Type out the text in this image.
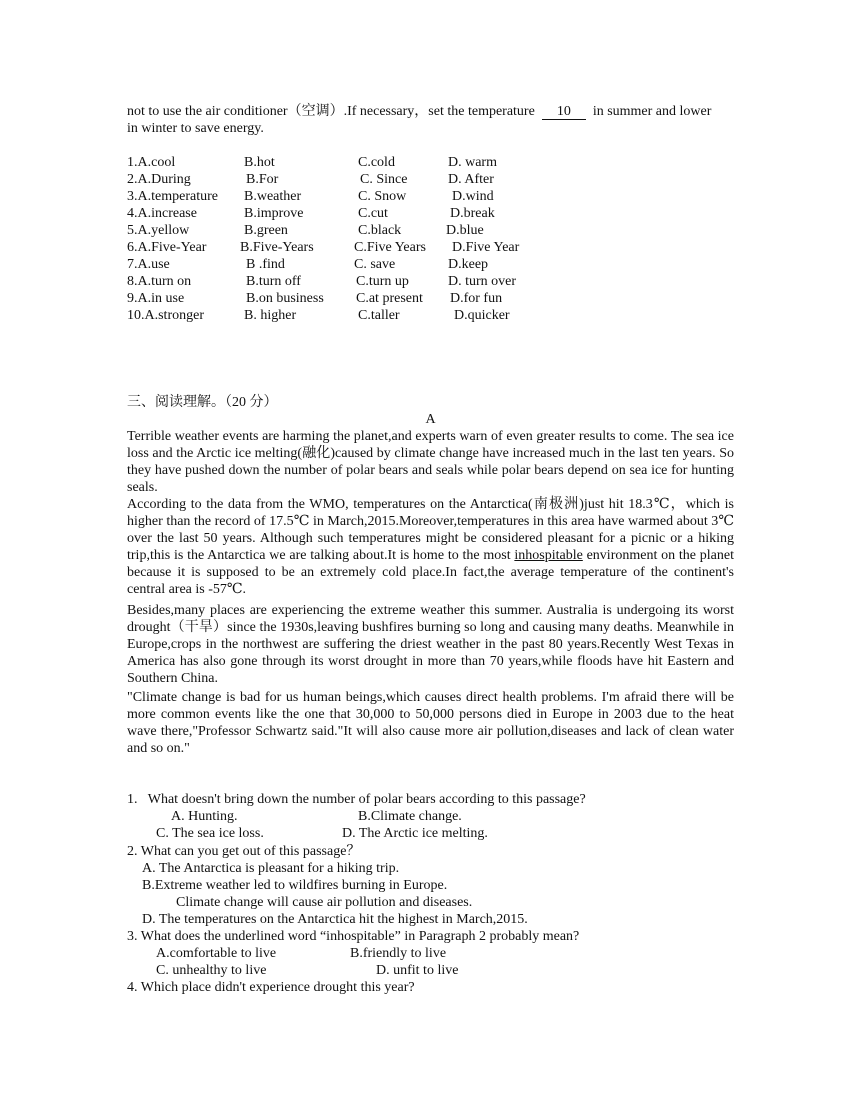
not to use the air conditioner（空调）.If necessary，set the temperature 10 in summer and lower
in winter to save energy.
1.A.cool	B.hot	C.cold	D. warm
2.A.During	B.For	C. Since	D. After
3.A.temperature B.weather	C. Snow	D.wind
4.A.increase	B.improve	C.cut	D.break
5.A.yellow	B.green	C.black	D.blue
6.A.Five-Year B.Five-Years	C.Five Years D.Five Year
7.A.use	B .find	C. save	D.keep
8.A.turn on	B.turn off	C.turn up	D. turn over
9.A.in use	B.on business C.at present D.for fun
10.A.stronger	B. higher	C.taller	D.quicker
三、阅读理解。（20 分）
A
Terrible weather events are harming the planet,and experts warn of even greater results to come. The sea ice loss and the Arctic ice melting(融化)caused by climate change have increased much in the last ten years. So they have pushed down the number of polar bears and seals while polar bears depend on sea ice for hunting seals.
According to the data from the WMO, temperatures on the Antarctica(南极洲)just hit 18.3℃，which is higher than the record of 17.5℃ in March,2015.Moreover,temperatures in this area have warmed about 3℃ over the last 50 years. Although such temperatures might be considered pleasant for a picnic or a hiking trip,this is the Antarctica we are talking about.It is home to the most inhospitable environment on the planet because it is supposed to be an extremely cold place.In fact,the average temperature of the continent's central area is -57℃.
Besides,many places are experiencing the extreme weather this summer. Australia is undergoing its worst drought（干旱）since the 1930s,leaving bushfires burning so long and causing many deaths. Meanwhile in Europe,crops in the northwest are suffering the driest weather in the past 80 years.Recently West Texas in America has also gone through its worst drought in more than 70 years,while floods have hit Eastern and Southern China.
"Climate change is bad for us human beings,which causes direct health problems. I'm afraid there will be more common events like the one that 30,000 to 50,000 persons died in Europe in 2003 due to the heat wave there,"Professor Schwartz said."It will also cause more air pollution,diseases and lack of clean water and so on."
1.   What doesn't bring down the number of polar bears according to this passage?
A. Hunting.	B.Climate change.
C. The sea ice loss.	D. The Arctic ice melting.
2. What can you get out of this passage？
A. The Antarctica is pleasant for a hiking trip.
B.Extreme weather led to wildfires burning in Europe.
Climate change will cause air pollution and diseases.
D. The temperatures on the Antarctica hit the highest in March,2015.
3. What does the underlined word “inhospitable” in Paragraph 2 probably mean?
A.comfortable to live	B.friendly to live
C. unhealthy to live	D. unfit to live
4. Which place didn't experience drought this year?
